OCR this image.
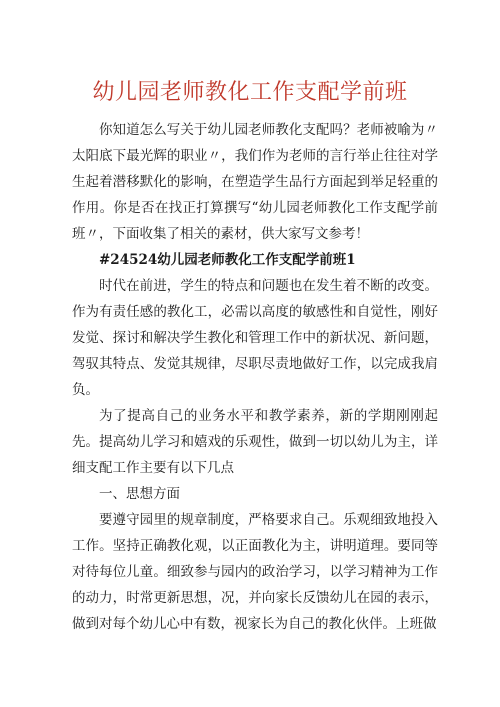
幼儿园老师教化工作支配学前班

你知道怎么写关于幼儿园老师教化支配吗？老师被喻为〃太阳底下最光辉的职业〃，我们作为老师的言行举止往往对学生起着潜移默化的影响，在塑造学生品行方面起到举足轻重的作用。你是否在找正打算撰写“幼儿园老师教化工作支配学前班〃，下面收集了相关的素材，供大家写文参考！

#24524幼儿园老师教化工作支配学前班1

时代在前进，学生的特点和问题也在发生着不断的改变。作为有责任感的教化工，必需以高度的敏感性和自觉性，刚好发觉、探讨和解决学生教化和管理工作中的新状况、新问题，驾驭其特点、发觉其规律，尽职尽责地做好工作，以完成我肩负。

为了提高自己的业务水平和教学素养，新的学期刚刚起先。提高幼儿学习和嬉戏的乐观性，做到一切以幼儿为主，详细支配工作主要有以下几点

一、思想方面

要遵守园里的规章制度，严格要求自己。乐观细致地投入工作。坚持正确教化观，以正面教化为主，讲明道理。要同等对待每位儿童。细致参与园内的政治学习，以学习精神为工作的动力，时常更新思想，况，并向家长反馈幼儿在园的表示，做到对每个幼儿心中有数，视家长为自己的教化伙伴。上班做
